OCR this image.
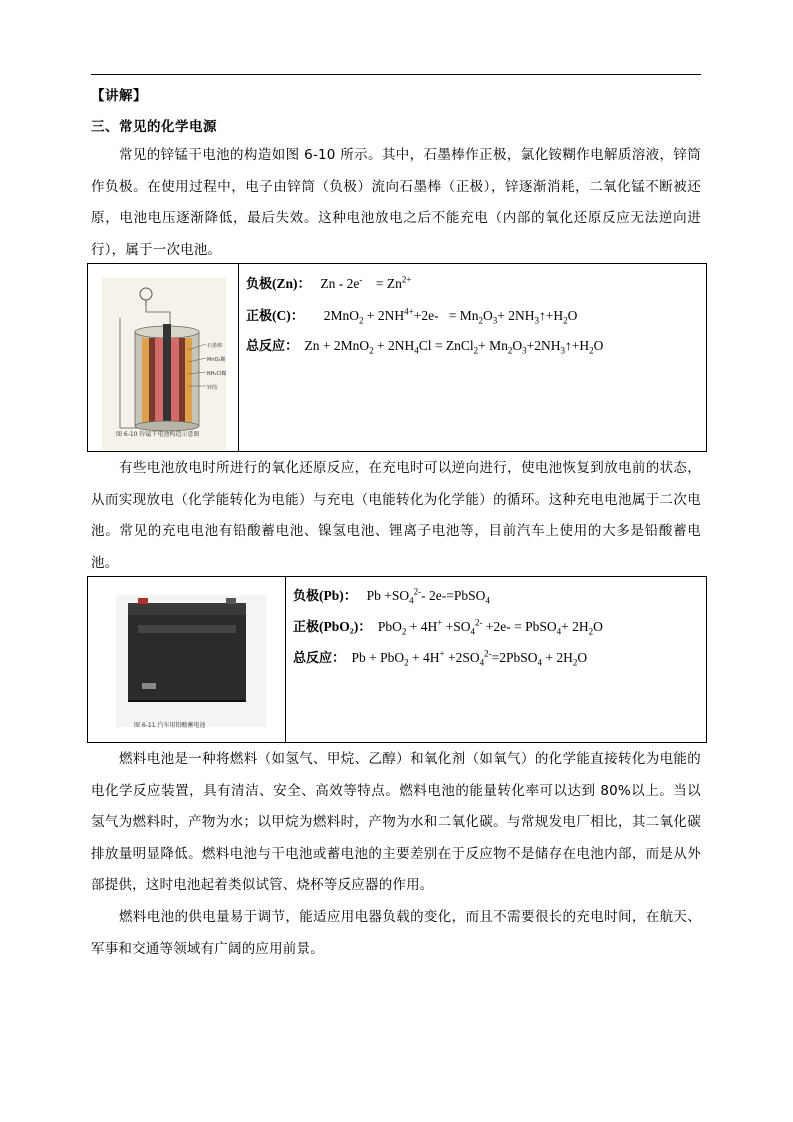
【讲解】
三、常见的化学电源
常见的锌锰干电池的构造如图 6-10 所示。其中，石墨棒作正极，氯化铵糊作电解质溶液，锌筒作负极。在使用过程中，电子由锌筒（负极）流向石墨棒（正极），锌逐渐消耗，二氧化锰不断被还原，电池电压逐渐降低，最后失效。这种电池放电之后不能充电（内部的氧化还原反应无法逆向进行），属于一次电池。
石墨棒
MnO₂糊
NH₄Cl糊
锌筒
图 6-10 锌锰干电池构造示意图
负极(Zn)： Zn - 2e-    = $Zn^{2+}$
正极(C)：    $2MnO_2 + 2NH^{4+}+2e- = Mn_2O_3+$ $2NH_3↑+H_2O$
总反应： $Zn + 2MnO_2 + 2NH_4Cl$ = ZnCl$_2$+ $Mn_2O_3+2NH_3↑+H_2O$
有些电池放电时所进行的氧化还原反应，在充电时可以逆向进行，使电池恢复到放电前的状态，从而实现放电（化学能转化为电能）与充电（电能转化为化学能）的循环。这种充电电池属于二次电池。常见的充电电池有铅酸蓄电池、镍氢电池、锂离子电池等，目前汽车上使用的大多是铅酸蓄电池。
图 6-11 汽车用铅酸蓄电池
负极(Pb)： $Pb +SO_4^{2-}-$ 2e-=PbSO$_4$
正极(PbO₂)： $PbO_2 + 4H^+ +SO_4^{2-} +2e-$ = PbSO$_4$+ $2H_2O$
总反应： $Pb + PbO_2 + 4H^+ +2SO_4^{2-}=2PbSO_4 + 2H_2O$
燃料电池是一种将燃料（如氢气、甲烷、乙醇）和氧化剂（如氧气）的化学能直接转化为电能的电化学反应装置，具有清洁、安全、高效等特点。燃料电池的能量转化率可以达到 80%以上。当以氢气为燃料时，产物为水；以甲烷为燃料时，产物为水和二氧化碳。与常规发电厂相比，其二氧化碳排放量明显降低。燃料电池与干电池或蓄电池的主要差别在于反应物不是储存在电池内部，而是从外部提供，这时电池起着类似试管、烧杯等反应器的作用。
燃料电池的供电量易于调节，能适应用电器负载的变化，而且不需要很长的充电时间，在航天、军事和交通等领域有广阔的应用前景。
